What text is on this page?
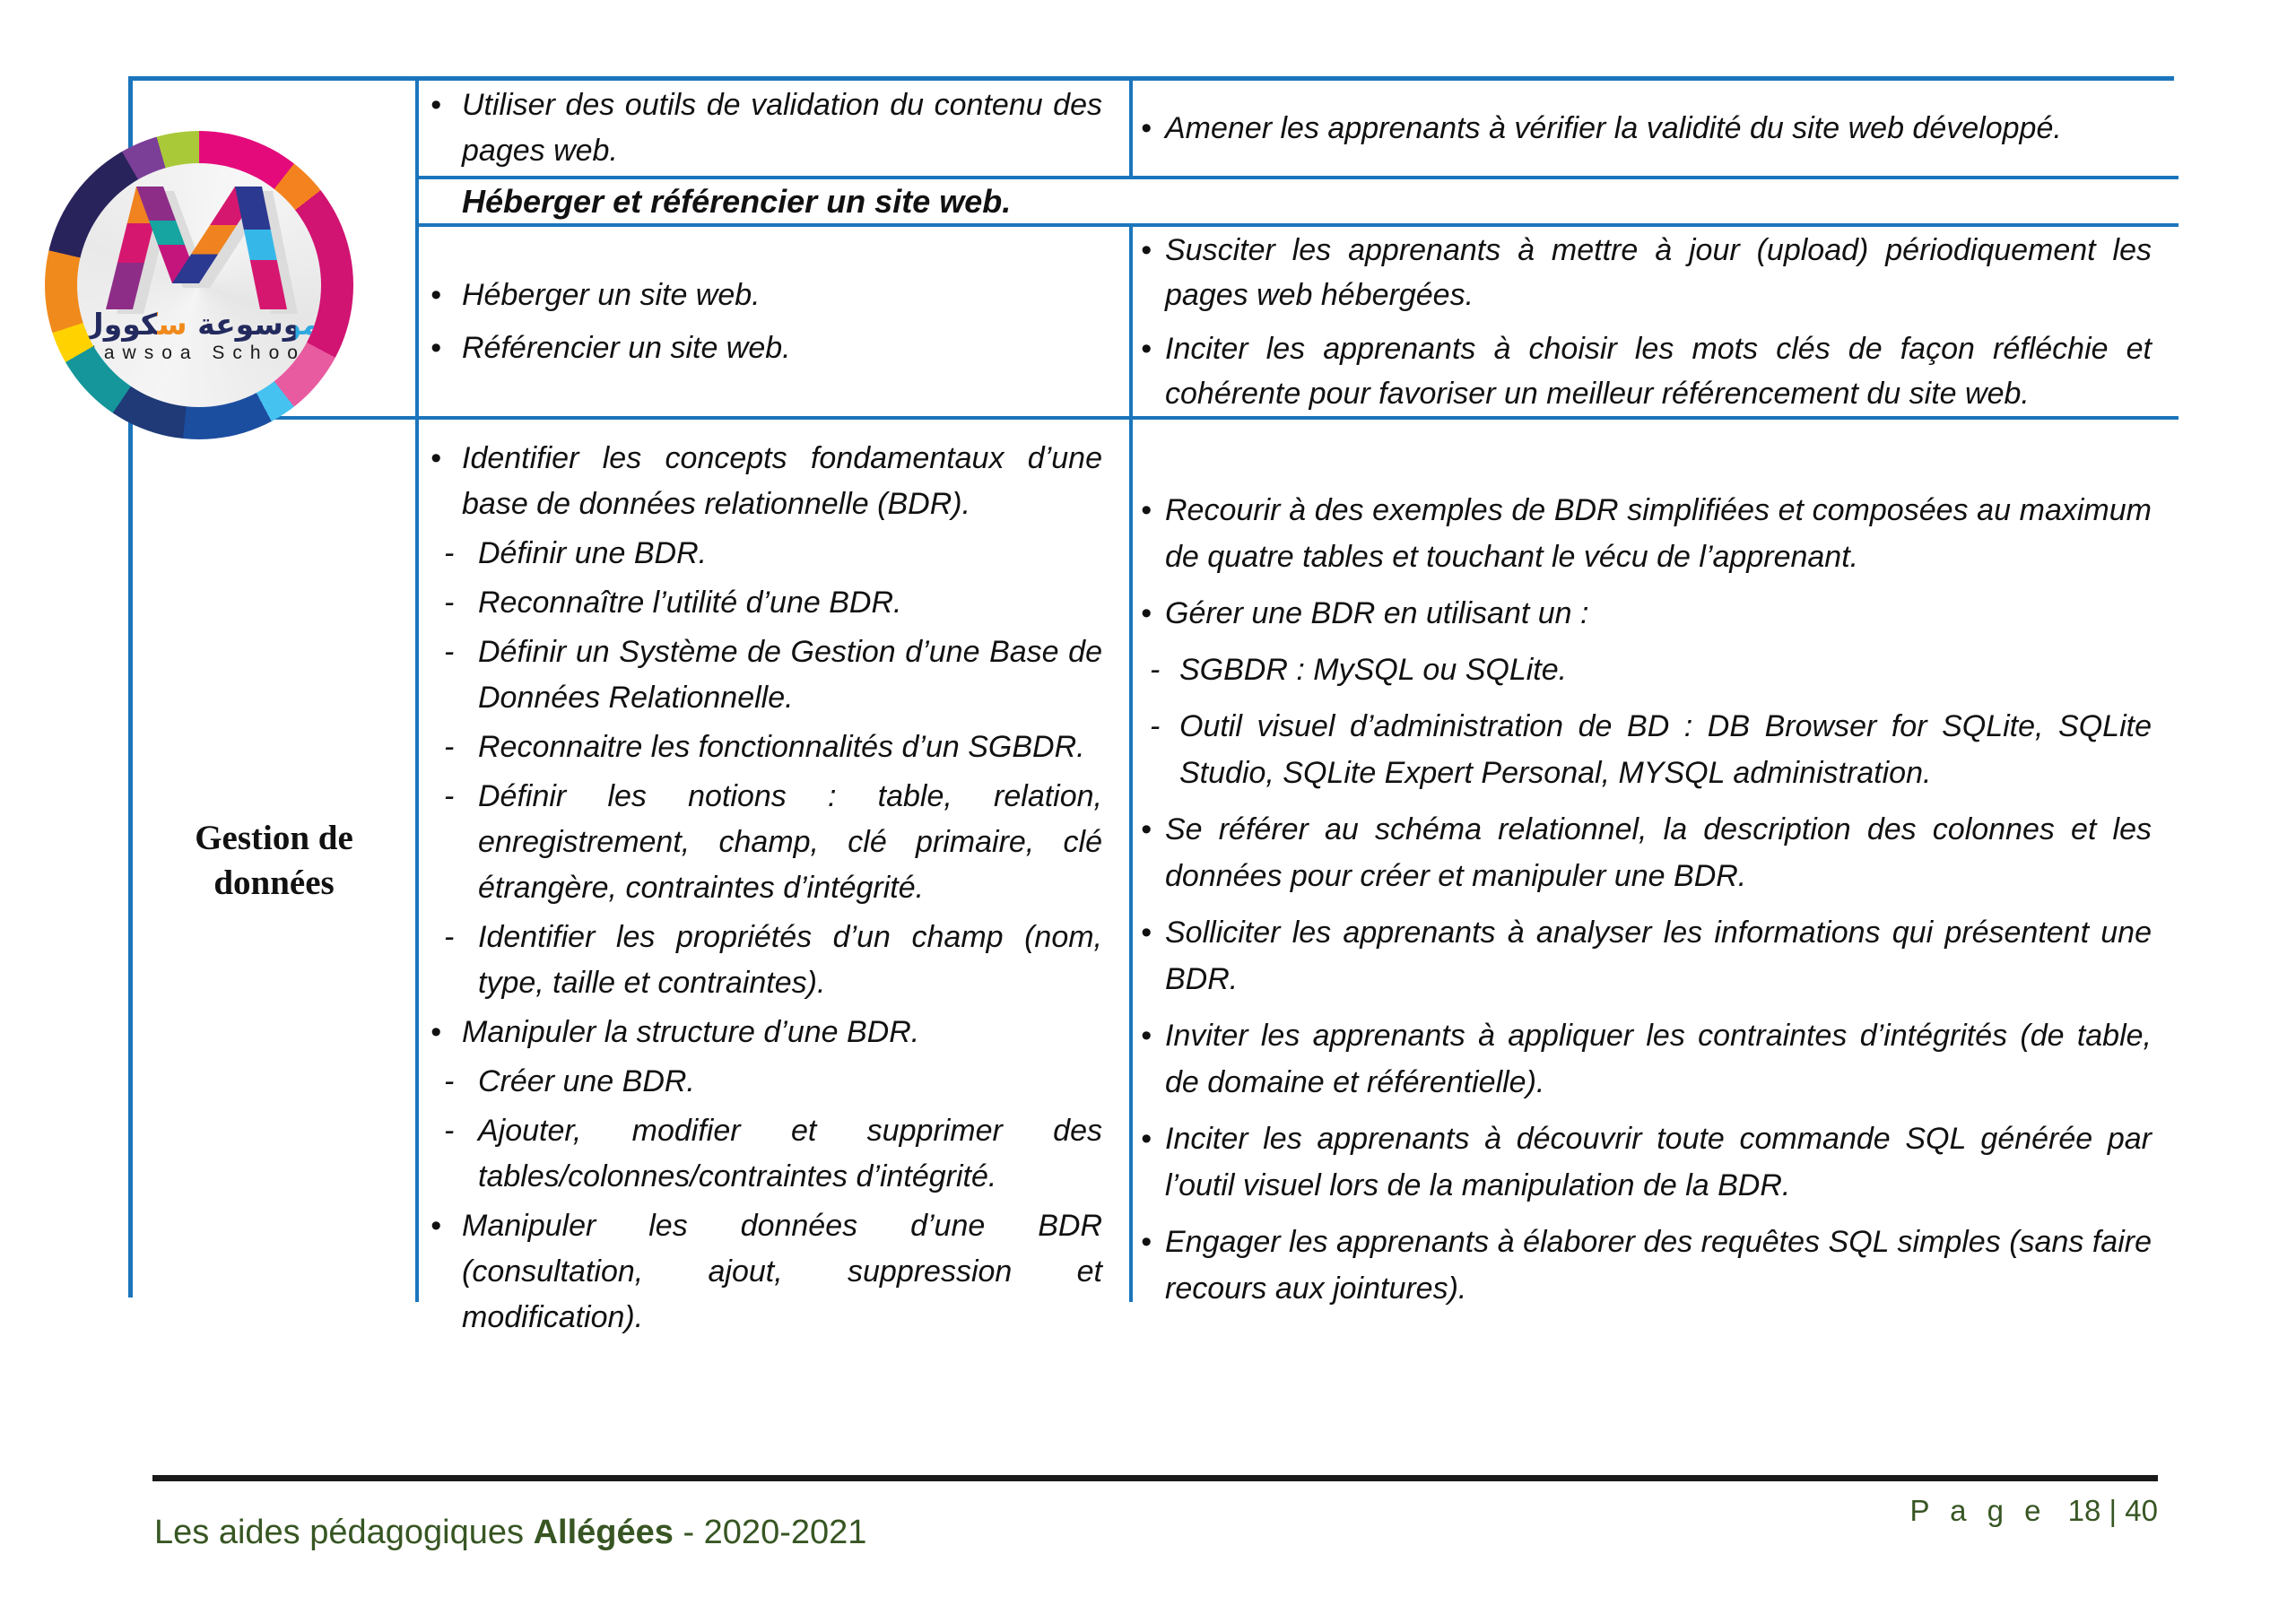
• Utiliser des outils de validation du contenu des pages web.
• Amener les apprenants à vérifier la validité du site web développé.
Héberger et référencier un site web.
• Héberger un site web.
• Référencier un site web.
• Susciter les apprenants à mettre à jour (upload) périodiquement les pages web hébergées.
• Inciter les apprenants à choisir les mots clés de façon réfléchie et cohérente pour favoriser un meilleur référencement du site web.
Gestion de
données
• Identifier les concepts fondamentaux d’une base de données relationnelle (BDR).
- Définir une BDR.
- Reconnaître l’utilité d’une BDR.
- Définir un Système de Gestion d’une Base de Données Relationnelle.
- Reconnaitre les fonctionnalités d’un SGBDR.
- Définir les notions : table, relation, enregistrement, champ, clé primaire, clé étrangère, contraintes d’intégrité.
- Identifier les propriétés d’un champ (nom, type, taille et contraintes).
• Manipuler la structure d’une BDR.
- Créer une BDR.
- Ajouter, modifier et supprimer des tables/colonnes/contraintes d’intégrité.
• Manipuler les données d’une BDR (consultation, ajout, suppression et modification).
• Recourir à des exemples de BDR simplifiées et composées au maximum de quatre tables et touchant le vécu de l’apprenant.
• Gérer une BDR en utilisant un :
- SGBDR : MySQL ou SQLite.
- Outil visuel d’administration de BD : DB Browser for SQLite, SQLite Studio, SQLite Expert Personal, MYSQL administration.
• Se référer au schéma relationnel, la description des colonnes et les données pour créer et manipuler une BDR.
• Solliciter les apprenants à analyser les informations qui présentent une BDR.
• Inviter les apprenants à appliquer les contraintes d’intégrités (de table, de domaine et référentielle).
• Inciter les apprenants à découvrir toute commande SQL générée par l’outil visuel lors de la manipulation de la BDR.
• Engager les apprenants à élaborer des requêtes SQL simples (sans faire recours aux jointures).
موسوعة سكوول
Mawsoa School
Les aides pédagogiques Allégées - 2020-2021
P a g e 18 | 40
